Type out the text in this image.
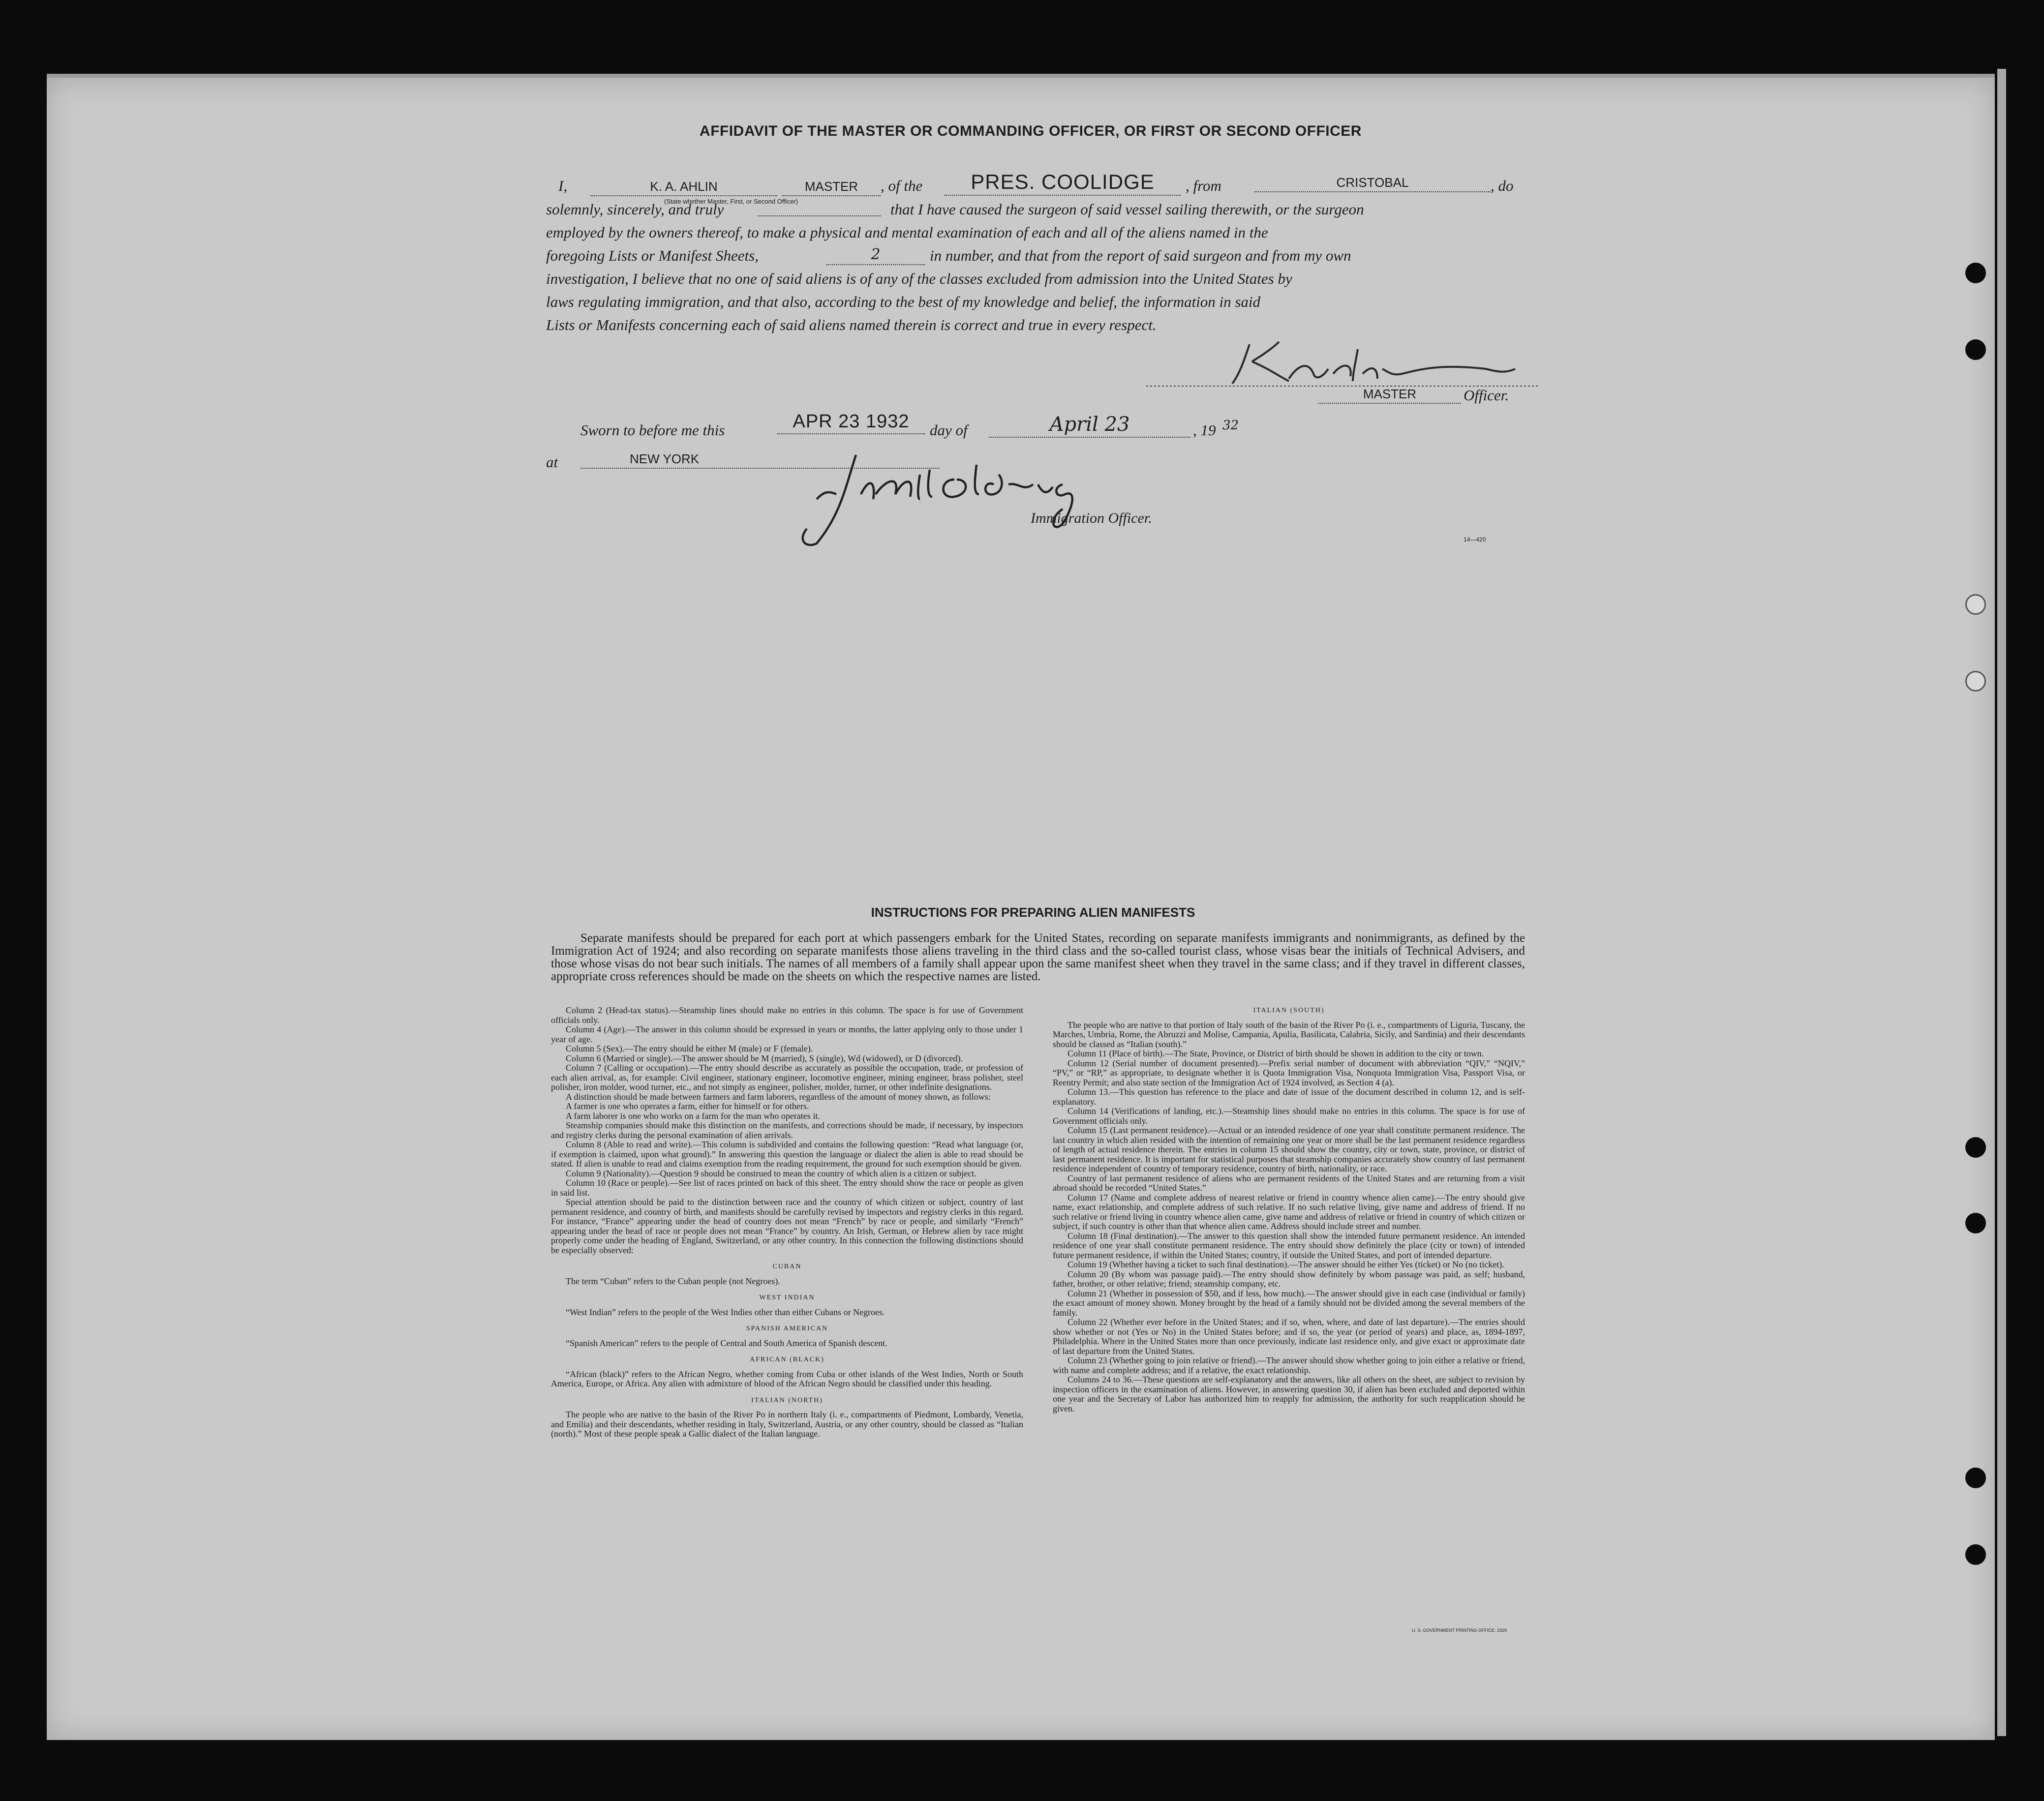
AFFIDAVIT OF THE MASTER OR COMMANDING OFFICER, OR FIRST OR SECOND OFFICER
I,	K. A. AHLIN	MASTER	, of the	PRES. COOLIDGE	, from	CRISTOBAL	, do
(State whether Master, First, or Second Officer)
solemnly, sincerely, and truly	that I have caused the surgeon of said vessel sailing therewith, or the surgeon
employed by the owners thereof, to make a physical and mental examination of each and all of the aliens named in the
foregoing Lists or Manifest Sheets,	2	in number, and that from the report of said surgeon and from my own
investigation, I believe that no one of said aliens is of any of the classes excluded from admission into the United States by
laws regulating immigration, and that also, according to the best of my knowledge and belief, the information in said
Lists or Manifests concerning each of said aliens named therein is correct and true in every respect.
MASTER	Officer.
Sworn to before me this	APR 23 1932	day of	April 23	, 19 32
at	NEW YORK
Immigration Officer.
14—420
INSTRUCTIONS FOR PREPARING ALIEN MANIFESTS
Separate manifests should be prepared for each port at which passengers embark for the United States, recording on separate manifests immigrants and nonimmigrants, as defined by the Immigration Act of 1924; and also recording on separate manifests those aliens traveling in the third class and the so-called tourist class, whose visas bear the initials of Technical Advisers, and those whose visas do not bear such initials. The names of all members of a family shall appear upon the same manifest sheet when they travel in the same class; and if they travel in different classes, appropriate cross references should be made on the sheets on which the respective names are listed.

Column 2 (Head-tax status).—Steamship lines should make no entries in this column. The space is for use of Government officials only.

Column 4 (Age).—The answer in this column should be expressed in years or months, the latter applying only to those under 1 year of age.

Column 5 (Sex).—The entry should be either M (male) or F (female).

Column 6 (Married or single).—The answer should be M (married), S (single), Wd (widowed), or D (divorced).

Column 7 (Calling or occupation).—The entry should describe as accurately as possible the occupation, trade, or profession of each alien arrival, as, for example: Civil engineer, stationary engineer, locomotive engineer, mining engineer, brass polisher, steel polisher, iron molder, wood turner, etc., and not simply as engineer, polisher, molder, turner, or other indefinite designations.

A distinction should be made between farmers and farm laborers, regardless of the amount of money shown, as follows:

A farmer is one who operates a farm, either for himself or for others.

A farm laborer is one who works on a farm for the man who operates it.

Steamship companies should make this distinction on the manifests, and corrections should be made, if necessary, by inspectors and registry clerks during the personal examination of alien arrivals.

Column 8 (Able to read and write).—This column is subdivided and contains the following question: “Read what language (or, if exemption is claimed, upon what ground).” In answering this question the language or dialect the alien is able to read should be stated. If alien is unable to read and claims exemption from the reading requirement, the ground for such exemption should be given.

Column 9 (Nationality).—Question 9 should be construed to mean the country of which alien is a citizen or subject.

Column 10 (Race or people).—See list of races printed on back of this sheet. The entry should show the race or people as given in said list.

Special attention should be paid to the distinction between race and the country of which citizen or subject, country of last permanent residence, and country of birth, and manifests should be carefully revised by inspectors and registry clerks in this regard. For instance, “France” appearing under the head of country does not mean “French” by race or people, and similarly “French” appearing under the head of race or people does not mean “France” by country. An Irish, German, or Hebrew alien by race might properly come under the heading of England, Switzerland, or any other country. In this connection the following distinctions should be especially observed:

CUBAN

The term “Cuban” refers to the Cuban people (not Negroes).

WEST INDIAN

“West Indian” refers to the people of the West Indies other than either Cubans or Negroes.

SPANISH AMERICAN

“Spanish American” refers to the people of Central and South America of Spanish descent.

AFRICAN (BLACK)

“African (black)” refers to the African Negro, whether coming from Cuba or other islands of the West Indies, North or South America, Europe, or Africa. Any alien with admixture of blood of the African Negro should be classified under this heading.

ITALIAN (NORTH)

The people who are native to the basin of the River Po in northern Italy (i. e., compartments of Piedmont, Lombardy, Venetia, and Emilia) and their descendants, whether residing in Italy, Switzerland, Austria, or any other country, should be classed as “Italian (north).” Most of these people speak a Gallic dialect of the Italian language.

ITALIAN (SOUTH)

The people who are native to that portion of Italy south of the basin of the River Po (i. e., compartments of Liguria, Tuscany, the Marches, Umbria, Rome, the Abruzzi and Molise, Campania, Apulia, Basilicata, Calabria, Sicily, and Sardinia) and their descendants should be classed as “Italian (south).”

Column 11 (Place of birth).—The State, Province, or District of birth should be shown in addition to the city or town.

Column 12 (Serial number of document presented).—Prefix serial number of document with abbreviation “QIV,” “NQIV,” “PV,” or “RP,” as appropriate, to designate whether it is Quota Immigration Visa, Nonquota Immigration Visa, Passport Visa, or Reentry Permit; and also state section of the Immigration Act of 1924 involved, as Section 4 (a).

Column 13.—This question has reference to the place and date of issue of the document described in column 12, and is self-explanatory.

Column 14 (Verifications of landing, etc.).—Steamship lines should make no entries in this column. The space is for use of Government officials only.

Column 15 (Last permanent residence).—Actual or an intended residence of one year shall constitute permanent residence. The last country in which alien resided with the intention of remaining one year or more shall be the last permanent residence regardless of length of actual residence therein. The entries in column 15 should show the country, city or town, state, province, or district of last permanent residence. It is important for statistical purposes that steamship companies accurately show country of last permanent residence independent of country of temporary residence, country of birth, nationality, or race.

Country of last permanent residence of aliens who are permanent residents of the United States and are returning from a visit abroad should be recorded “United States.”

Column 17 (Name and complete address of nearest relative or friend in country whence alien came).—The entry should give name, exact relationship, and complete address of such relative. If no such relative living, give name and address of friend. If no such relative or friend living in country whence alien came, give name and address of relative or friend in country of which citizen or subject, if such country is other than that whence alien came. Address should include street and number.

Column 18 (Final destination).—The answer to this question shall show the intended future permanent residence. An intended residence of one year shall constitute permanent residence. The entry should show definitely the place (city or town) of intended future permanent residence, if within the United States; country, if outside the United States, and port of intended departure.

Column 19 (Whether having a ticket to such final destination).—The answer should be either Yes (ticket) or No (no ticket).

Column 20 (By whom was passage paid).—The entry should show definitely by whom passage was paid, as self; husband, father, brother, or other relative; friend; steamship company, etc.

Column 21 (Whether in possession of $50, and if less, how much).—The answer should give in each case (individual or family) the exact amount of money shown. Money brought by the head of a family should not be divided among the several members of the family.

Column 22 (Whether ever before in the United States; and if so, when, where, and date of last departure).—The entries should show whether or not (Yes or No) in the United States before; and if so, the year (or period of years) and place, as, 1894-1897, Philadelphia. Where in the United States more than once previously, indicate last residence only, and give exact or approximate date of last departure from the United States.

Column 23 (Whether going to join relative or friend).—The answer should show whether going to join either a relative or friend, with name and complete address; and if a relative, the exact relationship.

Columns 24 to 36.—These questions are self-explanatory and the answers, like all others on the sheet, are subject to revision by inspection officers in the examination of aliens. However, in answering question 30, if alien has been excluded and deported within one year and the Secretary of Labor has authorized him to reapply for admission, the authority for such reapplication should be given.

U. S. GOVERNMENT PRINTING OFFICE: 1929
